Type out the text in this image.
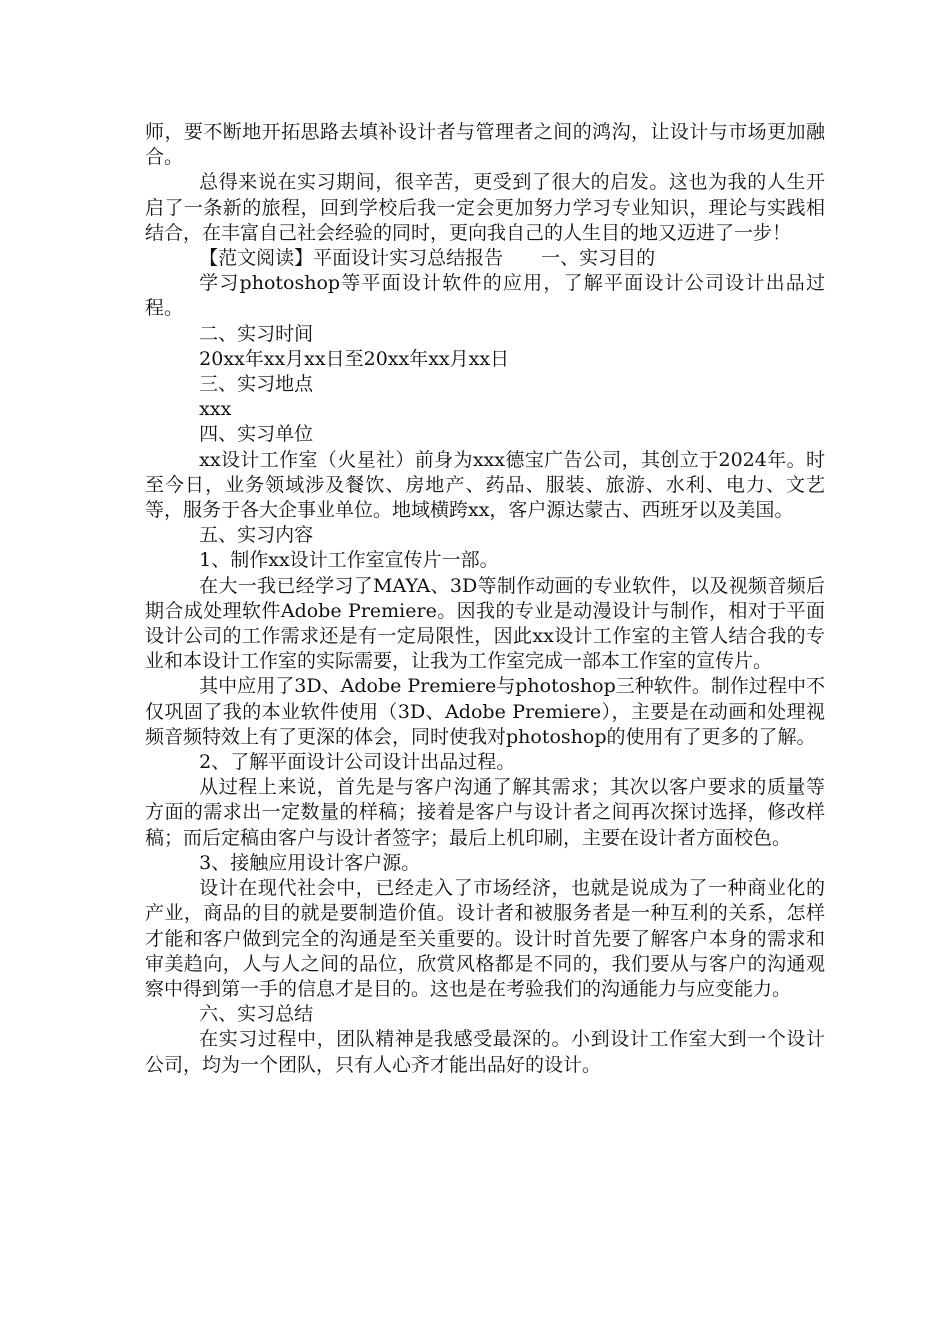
师，要不断地开拓思路去填补设计者与管理者之间的鸿沟，让设计与市场更加融合。

总得来说在实习期间，很辛苦，更受到了很大的启发。这也为我的人生开启了一条新的旅程，回到学校后我一定会更加努力学习专业知识，理论与实践相结合，在丰富自己社会经验的同时，更向我自己的人生目的地又迈进了一步！

【范文阅读】平面设计实习总结报告　　一、实习目的

学习photoshop等平面设计软件的应用，了解平面设计公司设计出品过程。

二、实习时间

20xx年xx月xx日至20xx年xx月xx日

三、实习地点

xxx

四、实习单位

xx设计工作室（火星社）前身为xxx德宝广告公司，其创立于2024年。时至今日，业务领域涉及餐饮、房地产、药品、服装、旅游、水利、电力、文艺等，服务于各大企事业单位。地域横跨xx，客户源达蒙古、西班牙以及美国。

五、实习内容

1、制作xx设计工作室宣传片一部。

在大一我已经学习了MAYA、3D等制作动画的专业软件，以及视频音频后期合成处理软件Adobe Premiere。因我的专业是动漫设计与制作，相对于平面设计公司的工作需求还是有一定局限性，因此xx设计工作室的主管人结合我的专业和本设计工作室的实际需要，让我为工作室完成一部本工作室的宣传片。

其中应用了3D、Adobe Premiere与photoshop三种软件。制作过程中不仅巩固了我的本业软件使用（3D、Adobe Premiere），主要是在动画和处理视频音频特效上有了更深的体会，同时使我对photoshop的使用有了更多的了解。

2、了解平面设计公司设计出品过程。

从过程上来说，首先是与客户沟通了解其需求；其次以客户要求的质量等方面的需求出一定数量的样稿；接着是客户与设计者之间再次探讨选择，修改样稿；而后定稿由客户与设计者签字；最后上机印刷，主要在设计者方面校色。

3、接触应用设计客户源。

设计在现代社会中，已经走入了市场经济，也就是说成为了一种商业化的产业，商品的目的就是要制造价值。设计者和被服务者是一种互利的关系，怎样才能和客户做到完全的沟通是至关重要的。设计时首先要了解客户本身的需求和审美趋向，人与人之间的品位，欣赏风格都是不同的，我们要从与客户的沟通观察中得到第一手的信息才是目的。这也是在考验我们的沟通能力与应变能力。

六、实习总结

在实习过程中，团队精神是我感受最深的。小到设计工作室大到一个设计公司，均为一个团队，只有人心齐才能出品好的设计。
